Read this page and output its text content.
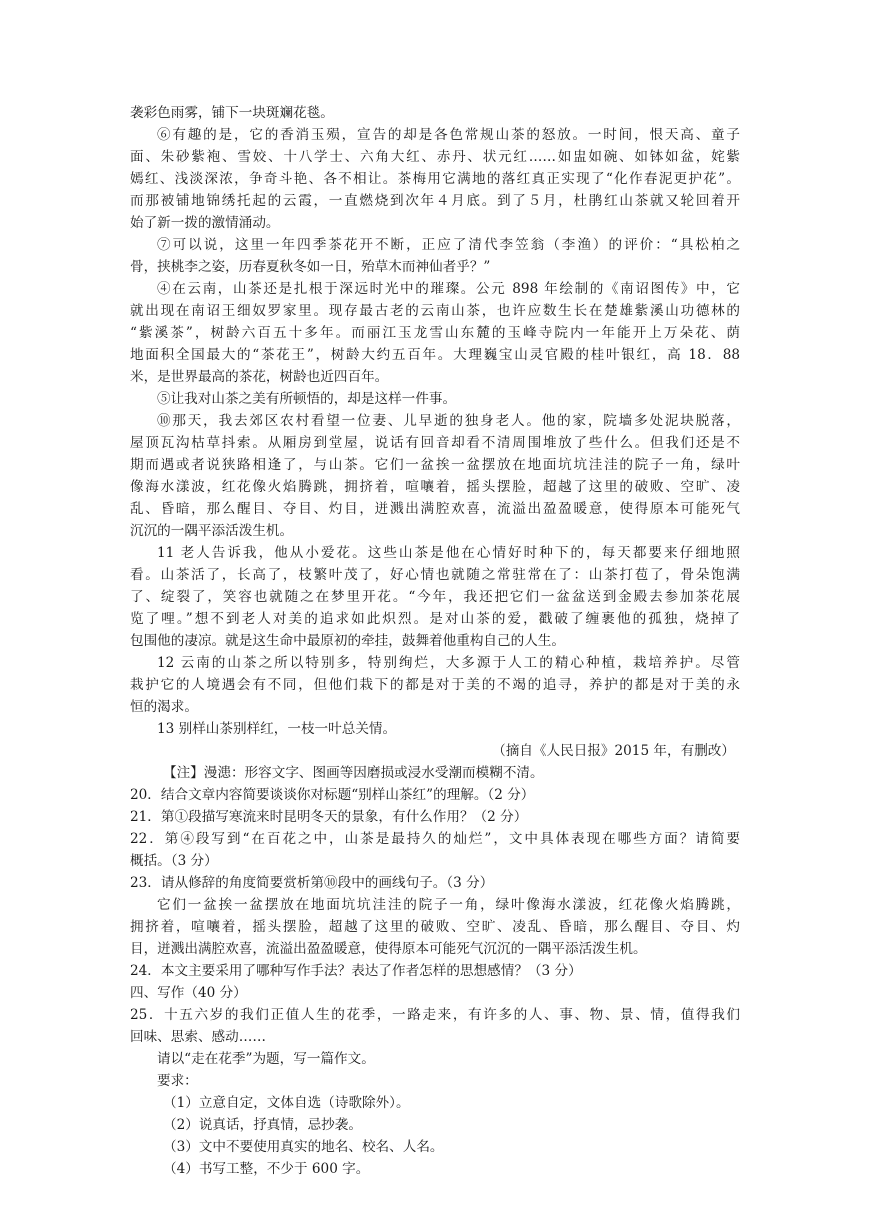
袭彩色雨雾，铺下一块斑斓花毯。
⑥有趣的是，它的香消玉殒，宣告的却是各色常规山茶的怒放。一时间，恨天高、童子
面、朱砂紫袍、雪姣、十八学士、六角大红、赤丹、状元红……如盅如碗、如钵如盆，姹紫
嫣红、浅淡深浓，争奇斗艳、各不相让。茶梅用它满地的落红真正实现了“化作春泥更护花”。
而那被铺地锦绣托起的云霞，一直燃烧到次年４月底。到了５月，杜鹃红山茶就又轮回着开
始了新一拨的激情涌动。
⑦可以说，这里一年四季茶花开不断，正应了清代李笠翁（李渔）的评价：“具松柏之
骨，挟桃李之姿，历春夏秋冬如一日，殆草木而神仙者乎？”
④在云南，山茶还是扎根于深远时光中的璀璨。公元 898 年绘制的《南诏图传》中，它
就出现在南诏王细奴罗家里。现存最古老的云南山茶，也许应数生长在楚雄紫溪山功德林的
“紫溪茶”，树龄六百五十多年。而丽江玉龙雪山东麓的玉峰寺院内一年能开上万朵花、荫
地面积全国最大的“茶花王”，树龄大约五百年。大理巍宝山灵官殿的桂叶银红，高 18．88
米，是世界最高的茶花，树龄也近四百年。
⑤让我对山茶之美有所顿悟的，却是这样一件事。
⑩那天，我去郊区农村看望一位妻、儿早逝的独身老人。他的家，院墙多处泥块脱落，
屋顶瓦沟枯草抖索。从厢房到堂屋，说话有回音却看不清周围堆放了些什么。但我们还是不
期而遇或者说狭路相逢了，与山茶。它们一盆挨一盆摆放在地面坑坑洼洼的院子一角，绿叶
像海水漾波，红花像火焰腾跳，拥挤着，喧嚷着，摇头摆脸，超越了这里的破败、空旷、凌
乱、昏暗，那么醒目、夺目、灼目，迸溅出满腔欢喜，流溢出盈盈暖意，使得原本可能死气
沉沉的一隅平添活泼生机。
11 老人告诉我，他从小爱花。这些山茶是他在心情好时种下的，每天都要来仔细地照
看。山茶活了，长高了，枝繁叶茂了，好心情也就随之常驻常在了：山茶打苞了，骨朵饱满
了、绽裂了，笑容也就随之在梦里开花。“今年，我还把它们一盆盆送到金殿去参加茶花展
览了哩。”想不到老人对美的追求如此炽烈。是对山茶的爱，戳破了缠裹他的孤独，烧掉了
包围他的凄凉。就是这生命中最原初的牵挂，鼓舞着他重构自己的人生。
12 云南的山茶之所以特别多，特别绚烂，大多源于人工的精心种植，栽培养护。尽管
栽护它的人境遇会有不同，但他们栽下的都是对于美的不竭的追寻，养护的都是对于美的永
恒的渴求。
13 别样山茶别样红，一枝一叶总关情。
（摘自《人民日报》2015 年，有删改）
【注】漫漶：形容文字、图画等因磨损或浸水受潮而模糊不清。
20．结合文章内容简要谈谈你对标题“别样山茶红”的理解。（2 分）
21．第①段描写寒流来时昆明冬天的景象，有什么作用？（2 分）
22．第④段写到“在百花之中，山茶是最持久的灿烂”，文中具体表现在哪些方面？请简要
概括。（3 分）
23．请从修辞的角度简要赏析第⑩段中的画线句子。（3 分）
它们一盆挨一盆摆放在地面坑坑洼洼的院子一角，绿叶像海水漾波，红花像火焰腾跳，
拥挤着，喧嚷着，摇头摆脸，超越了这里的破败、空旷、凌乱、昏暗，那么醒目、夺目、灼
目，迸溅出满腔欢喜，流溢出盈盈暖意，使得原本可能死气沉沉的一隅平添活泼生机。
24．本文主要采用了哪种写作手法？表达了作者怎样的思想感情？（3 分）
四、写作（40 分）
25．十五六岁的我们正值人生的花季，一路走来，有许多的人、事、物、景、情，值得我们
回味、思索、感动……
请以“走在花季”为题，写一篇作文。
要求：
（1）立意自定，文体自选（诗歌除外）。
（2）说真话，抒真情，忌抄袭。
（3）文中不要使用真实的地名、校名、人名。
（4）书写工整，不少于 600 字。
